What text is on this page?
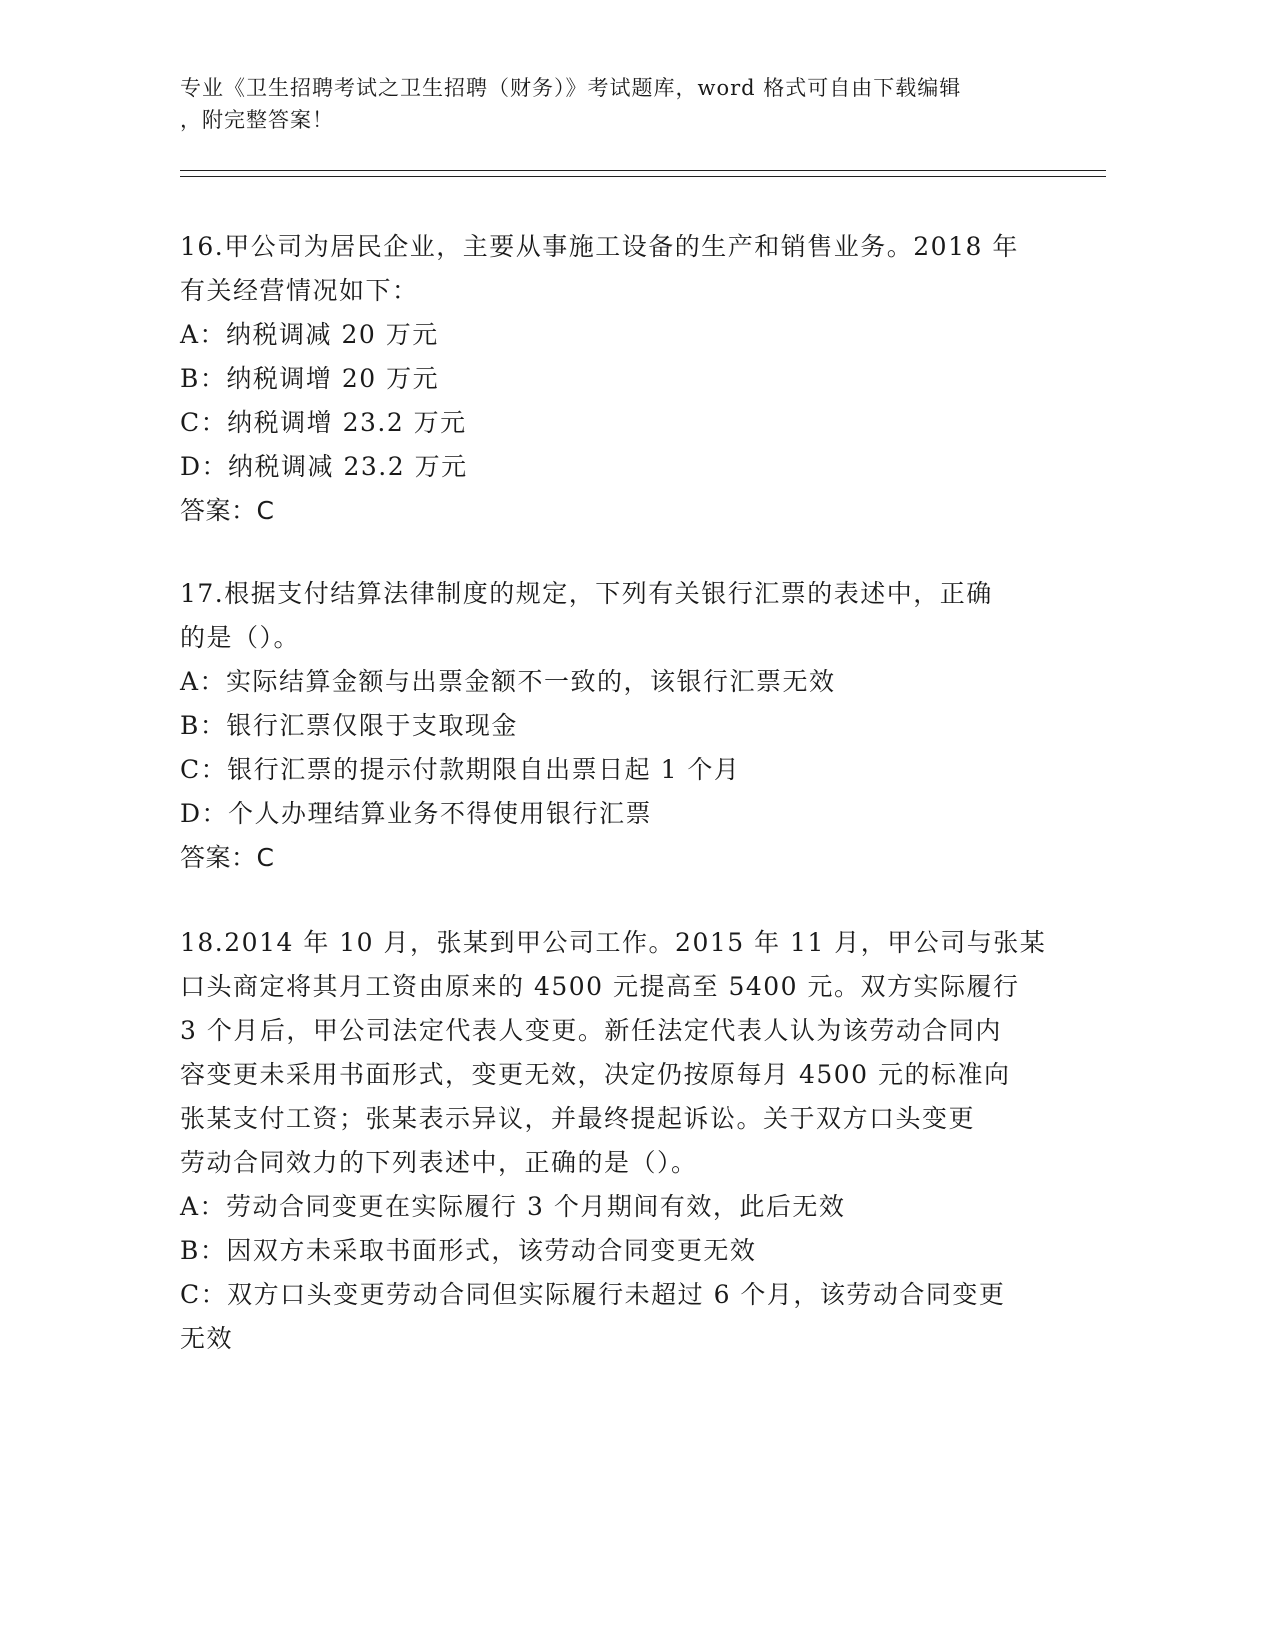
专业《卫生招聘考试之卫生招聘（财务）》考试题库，word 格式可自由下载编辑
，附完整答案！
16.甲公司为居民企业，主要从事施工设备的生产和销售业务。2018 年
有关经营情况如下：
A：纳税调减 20 万元
B：纳税调增 20 万元
C：纳税调增 23.2 万元
D：纳税调减 23.2 万元
答案：C
17.根据支付结算法律制度的规定，下列有关银行汇票的表述中，正确
的是（）。
A：实际结算金额与出票金额不一致的，该银行汇票无效
B：银行汇票仅限于支取现金
C：银行汇票的提示付款期限自出票日起 1 个月
D：个人办理结算业务不得使用银行汇票
答案：C
18.2014 年 10 月，张某到甲公司工作。2015 年 11 月，甲公司与张某
口头商定将其月工资由原来的 4500 元提高至 5400 元。双方实际履行
3 个月后，甲公司法定代表人变更。新任法定代表人认为该劳动合同内
容变更未采用书面形式，变更无效，决定仍按原每月 4500 元的标准向
张某支付工资；张某表示异议，并最终提起诉讼。关于双方口头变更
劳动合同效力的下列表述中，正确的是（）。
A：劳动合同变更在实际履行 3 个月期间有效，此后无效
B：因双方未采取书面形式，该劳动合同变更无效
C：双方口头变更劳动合同但实际履行未超过 6 个月，该劳动合同变更
无效
